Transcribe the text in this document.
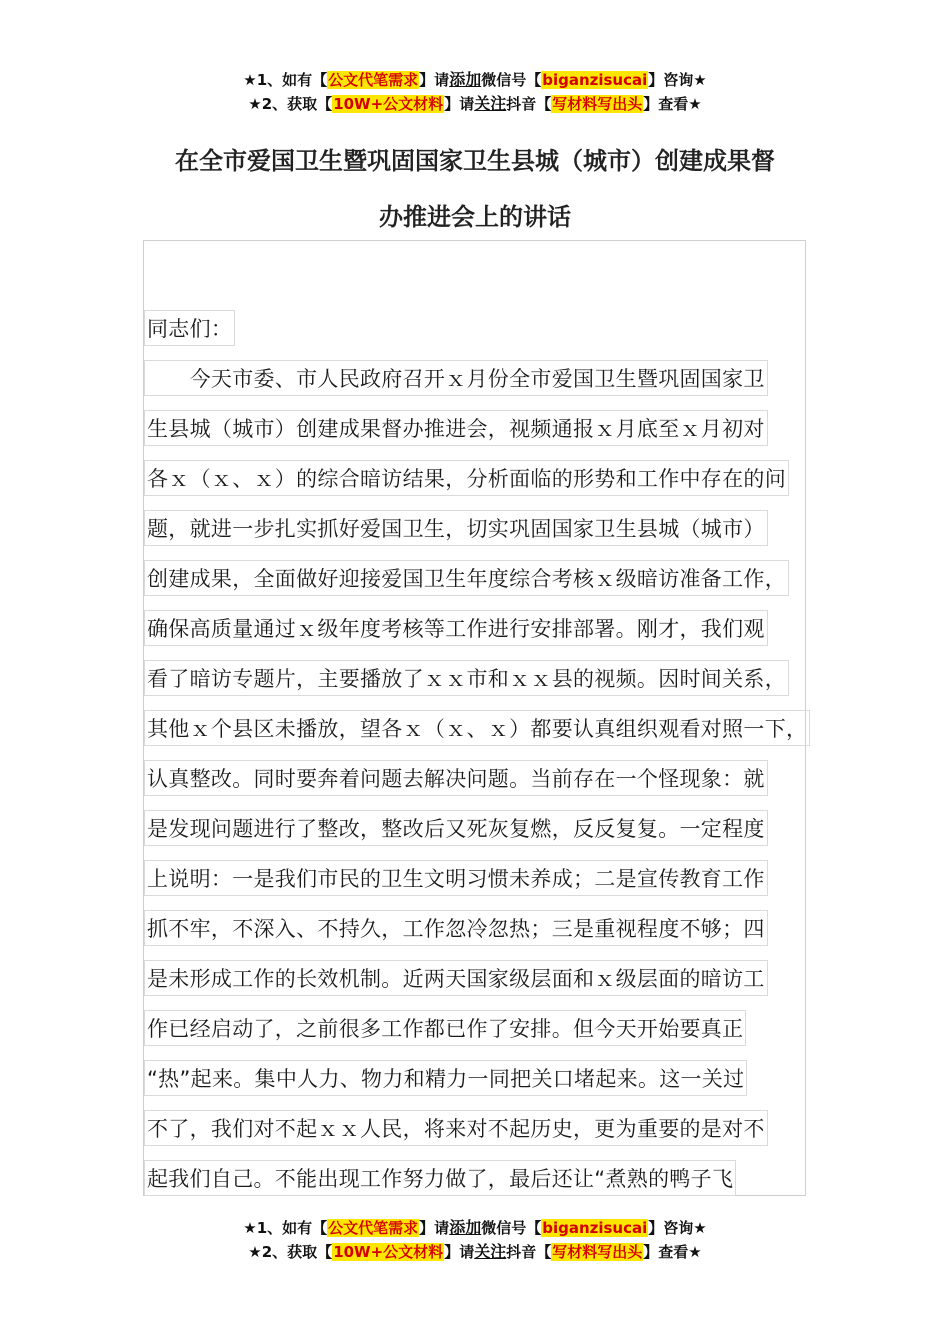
★1、如有【公文代笔需求】请添加微信号【biganzisucai】咨询★
★2、获取【10W+公文材料】请关注抖音【写材料写出头】查看★
在全市爱国卫生暨巩固国家卫生县城（城市）创建成果督
办推进会上的讲话
同志们：
　　今天市委、市人民政府召开ｘ月份全市爱国卫生暨巩固国家卫
生县城（城市）创建成果督办推进会，视频通报ｘ月底至ｘ月初对
各ｘ（ｘ、ｘ）的综合暗访结果，分析面临的形势和工作中存在的问
题，就进一步扎实抓好爱国卫生，切实巩固国家卫生县城（城市）
创建成果，全面做好迎接爱国卫生年度综合考核ｘ级暗访准备工作，
确保高质量通过ｘ级年度考核等工作进行安排部署。刚才，我们观
看了暗访专题片，主要播放了ｘｘ市和ｘｘ县的视频。因时间关系，
其他ｘ个县区未播放，望各ｘ（ｘ、ｘ）都要认真组织观看对照一下，
认真整改。同时要奔着问题去解决问题。当前存在一个怪现象：就
是发现问题进行了整改，整改后又死灰复燃，反反复复。一定程度
上说明：一是我们市民的卫生文明习惯未养成；二是宣传教育工作
抓不牢，不深入、不持久，工作忽冷忽热；三是重视程度不够；四
是未形成工作的长效机制。近两天国家级层面和ｘ级层面的暗访工
作已经启动了，之前很多工作都已作了安排。但今天开始要真正
“热”起来。集中人力、物力和精力一同把关口堵起来。这一关过
不了，我们对不起ｘｘ人民，将来对不起历史，更为重要的是对不
起我们自己。不能出现工作努力做了，最后还让“煮熟的鸭子飞
★1、如有【公文代笔需求】请添加微信号【biganzisucai】咨询★
★2、获取【10W+公文材料】请关注抖音【写材料写出头】查看★
